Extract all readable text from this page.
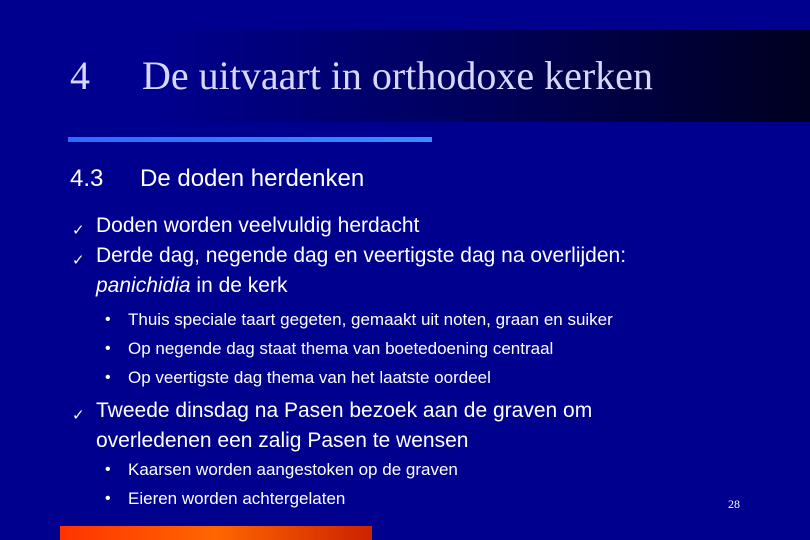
4 De uitvaart in orthodoxe kerken
4.3 De doden herdenken
✓ Doden worden veelvuldig herdacht
✓ Derde dag, negende dag en veertigste dag na overlijden:
panichidia in de kerk
• Thuis speciale taart gegeten, gemaakt uit noten, graan en suiker
• Op negende dag staat thema van boetedoening centraal
• Op veertigste dag thema van het laatste oordeel
✓ Tweede dinsdag na Pasen bezoek aan de graven om
overledenen een zalig Pasen te wensen
• Kaarsen worden aangestoken op de graven
• Eieren worden achtergelaten	28
